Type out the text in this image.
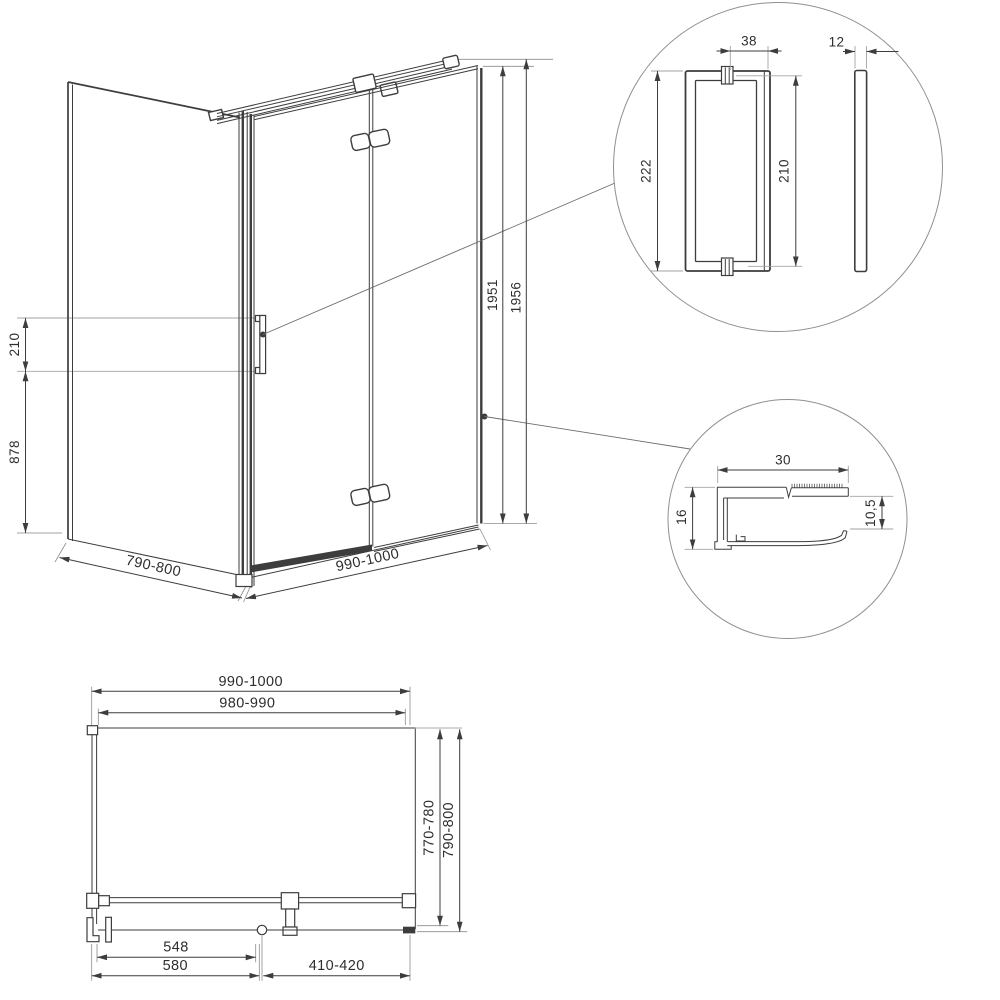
210
878
1951 1956
790-800	990-1000
222	210
38	12
30
16	10,5
990-1000
980-990
770-780 790-800
548
580	410-420
